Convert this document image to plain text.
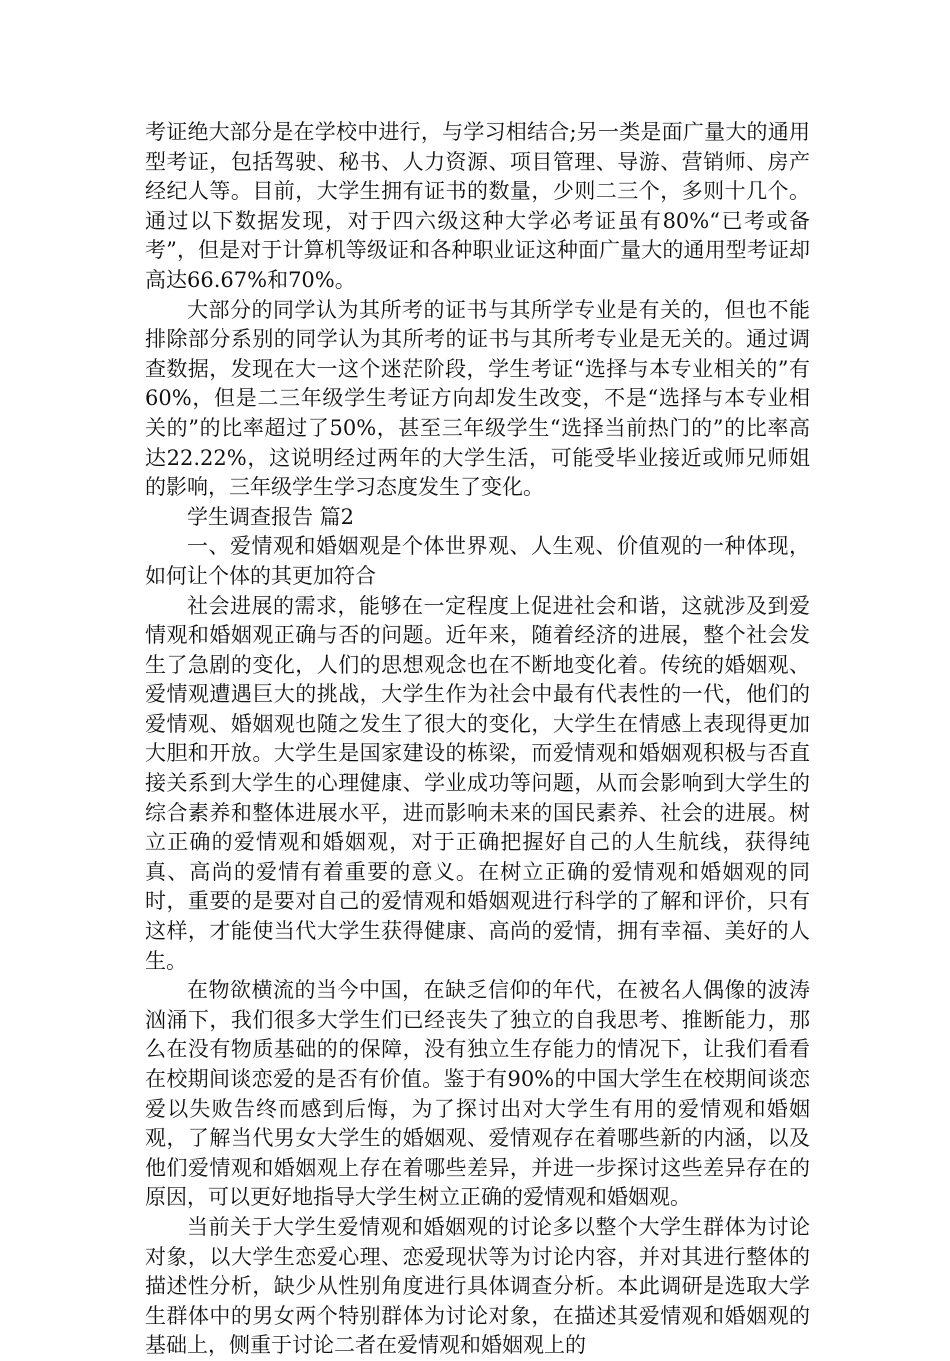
考证绝大部分是在学校中进行，与学习相结合;另一类是面广量大的通用型考证，包括驾驶、秘书、人力资源、项目管理、导游、营销师、房产经纪人等。目前，大学生拥有证书的数量，少则二三个，多则十几个。通过以下数据发现，对于四六级这种大学必考证虽有80%“已考或备考”，但是对于计算机等级证和各种职业证这种面广量大的通用型考证却高达66.67%和70%。

大部分的同学认为其所考的证书与其所学专业是有关的，但也不能排除部分系别的同学认为其所考的证书与其所考专业是无关的。通过调查数据，发现在大一这个迷茫阶段，学生考证“选择与本专业相关的”有60%，但是二三年级学生考证方向却发生改变，不是“选择与本专业相关的”的比率超过了50%，甚至三年级学生“选择当前热门的”的比率高达22.22%，这说明经过两年的大学生活，可能受毕业接近或师兄师姐的影响，三年级学生学习态度发生了变化。

学生调查报告 篇2

一、爱情观和婚姻观是个体世界观、人生观、价值观的一种体现，如何让个体的其更加符合

社会进展的需求，能够在一定程度上促进社会和谐，这就涉及到爱情观和婚姻观正确与否的问题。近年来，随着经济的进展，整个社会发生了急剧的变化，人们的思想观念也在不断地变化着。传统的婚姻观、爱情观遭遇巨大的挑战，大学生作为社会中最有代表性的一代，他们的爱情观、婚姻观也随之发生了很大的变化，大学生在情感上表现得更加大胆和开放。大学生是国家建设的栋梁，而爱情观和婚姻观积极与否直接关系到大学生的心理健康、学业成功等问题，从而会影响到大学生的综合素养和整体进展水平，进而影响未来的国民素养、社会的进展。树立正确的爱情观和婚姻观，对于正确把握好自己的人生航线，获得纯真、高尚的爱情有着重要的意义。在树立正确的爱情观和婚姻观的同时，重要的是要对自己的爱情观和婚姻观进行科学的了解和评价，只有这样，才能使当代大学生获得健康、高尚的爱情，拥有幸福、美好的人生。

在物欲横流的当今中国，在缺乏信仰的年代，在被名人偶像的波涛汹涌下，我们很多大学生们已经丧失了独立的自我思考、推断能力，那么在没有物质基础的的保障，没有独立生存能力的情况下，让我们看看在校期间谈恋爱的是否有价值。鉴于有90%的中国大学生在校期间谈恋爱以失败告终而感到后悔，为了探讨出对大学生有用的爱情观和婚姻观，了解当代男女大学生的婚姻观、爱情观存在着哪些新的内涵，以及他们爱情观和婚姻观上存在着哪些差异，并进一步探讨这些差异存在的原因，可以更好地指导大学生树立正确的爱情观和婚姻观。

当前关于大学生爱情观和婚姻观的讨论多以整个大学生群体为讨论对象，以大学生恋爱心理、恋爱现状等为讨论内容，并对其进行整体的描述性分析，缺少从性别角度进行具体调查分析。本此调研是选取大学生群体中的男女两个特别群体为讨论对象，在描述其爱情观和婚姻观的基础上，侧重于讨论二者在爱情观和婚姻观上的
